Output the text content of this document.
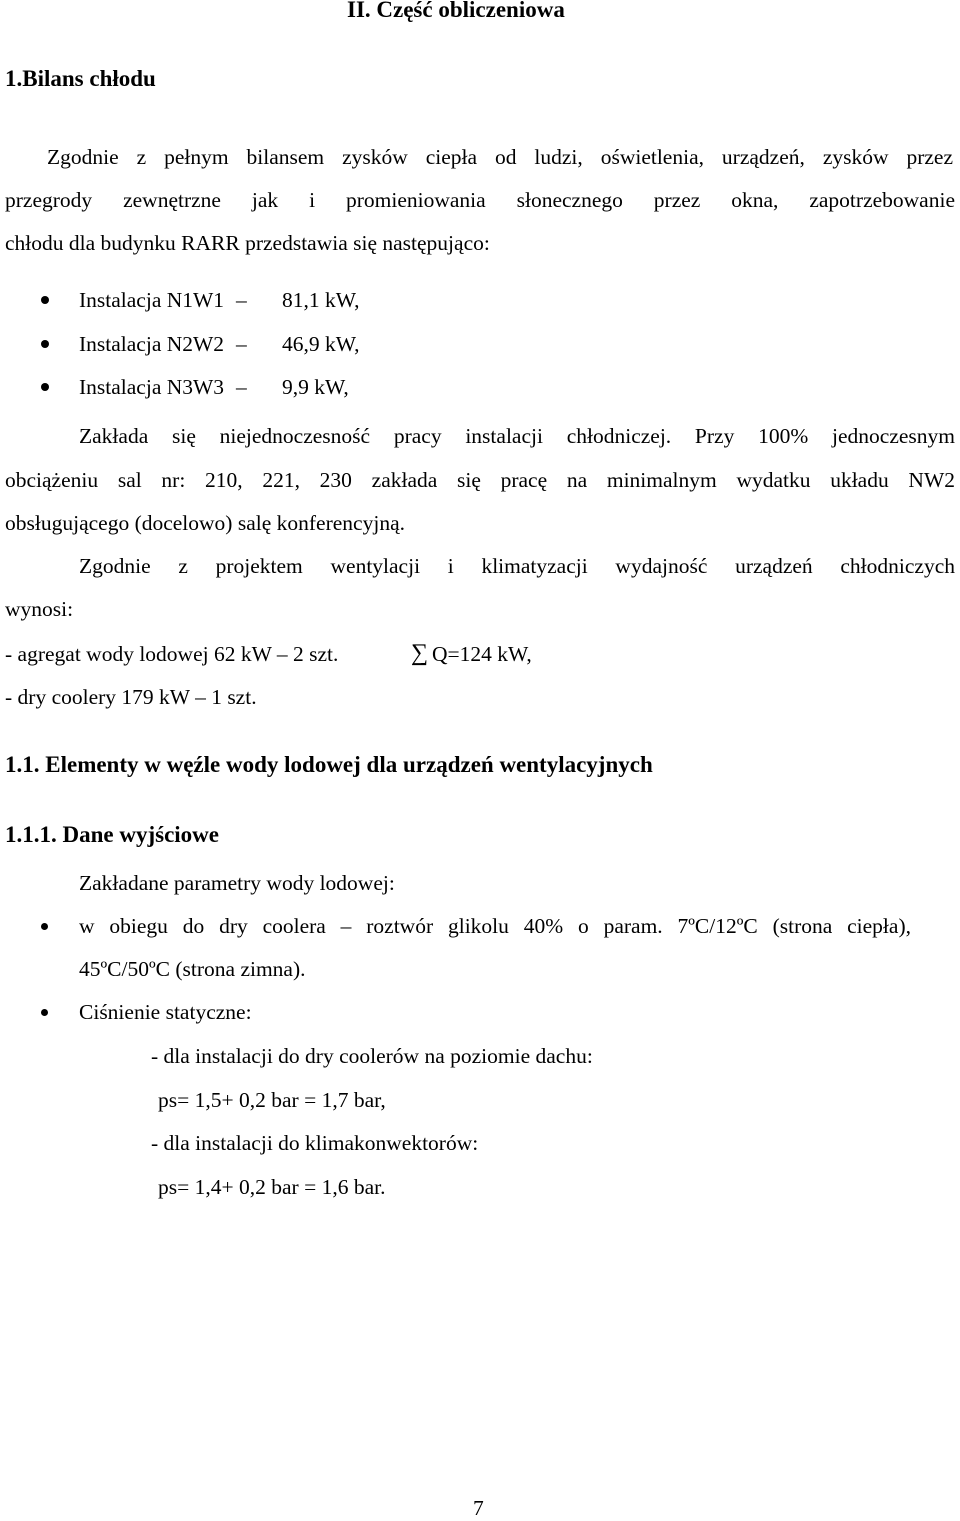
II. Część obliczeniowa
1.Bilans chłodu
Zgodnie z pełnym bilansem zysków ciepła od ludzi, oświetlenia, urządzeń, zysków przez
przegrody zewnętrzne jak i promieniowania słonecznego przez okna, zapotrzebowanie
chłodu dla budynku RARR przedstawia się następująco:
Instalacja N1W1 – 81,1 kW,
Instalacja N2W2 – 46,9 kW,
Instalacja N3W3 – 9,9 kW,
Zakłada się niejednoczesność pracy instalacji chłodniczej. Przy 100% jednoczesnym
obciążeniu sal nr: 210, 221, 230 zakłada się pracę na minimalnym wydatku układu NW2
obsługującego (docelowo) salę konferencyjną.
Zgodnie z projektem wentylacji i klimatyzacji wydajność urządzeń chłodniczych
wynosi:
- agregat wody lodowej 62 kW – 2 szt.	∑ Q=124 kW,
- dry coolery 179 kW – 1 szt.
1.1. Elementy w węźle wody lodowej dla urządzeń wentylacyjnych
1.1.1. Dane wyjściowe
Zakładane parametry wody lodowej:
w obiegu do dry coolera – roztwór glikolu 40% o param. 7ºC/12ºC (strona ciepła),
45ºC/50ºC (strona zimna).
Ciśnienie statyczne:
- dla instalacji do dry coolerów na poziomie dachu:
ps= 1,5+ 0,2 bar = 1,7 bar,
- dla instalacji do klimakonwektorów:
ps= 1,4+ 0,2 bar = 1,6 bar.
7
